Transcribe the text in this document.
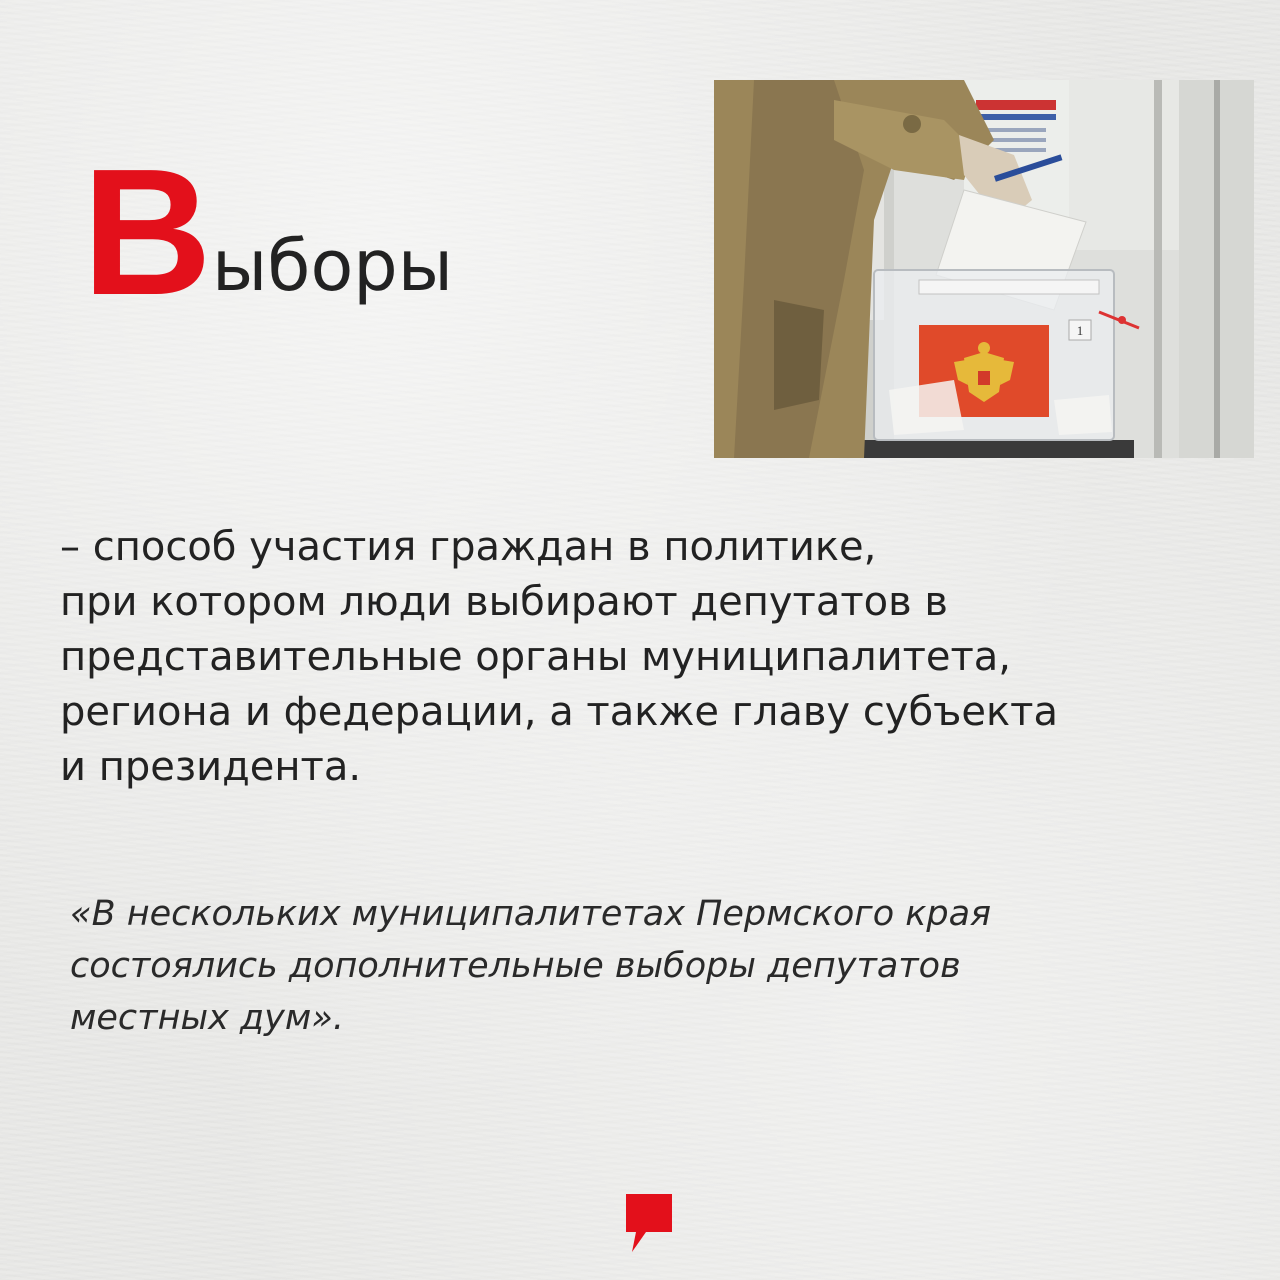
В ыборы
1

– способ участия граждан в политике,
при котором люди выбирают депутатов в
представительные органы муниципалитета,
региона и федерации, а также главу субъекта
и президента.

«В нескольких муниципалитетах Пермского края
состоялись дополнительные выборы депутатов
местных дум».
